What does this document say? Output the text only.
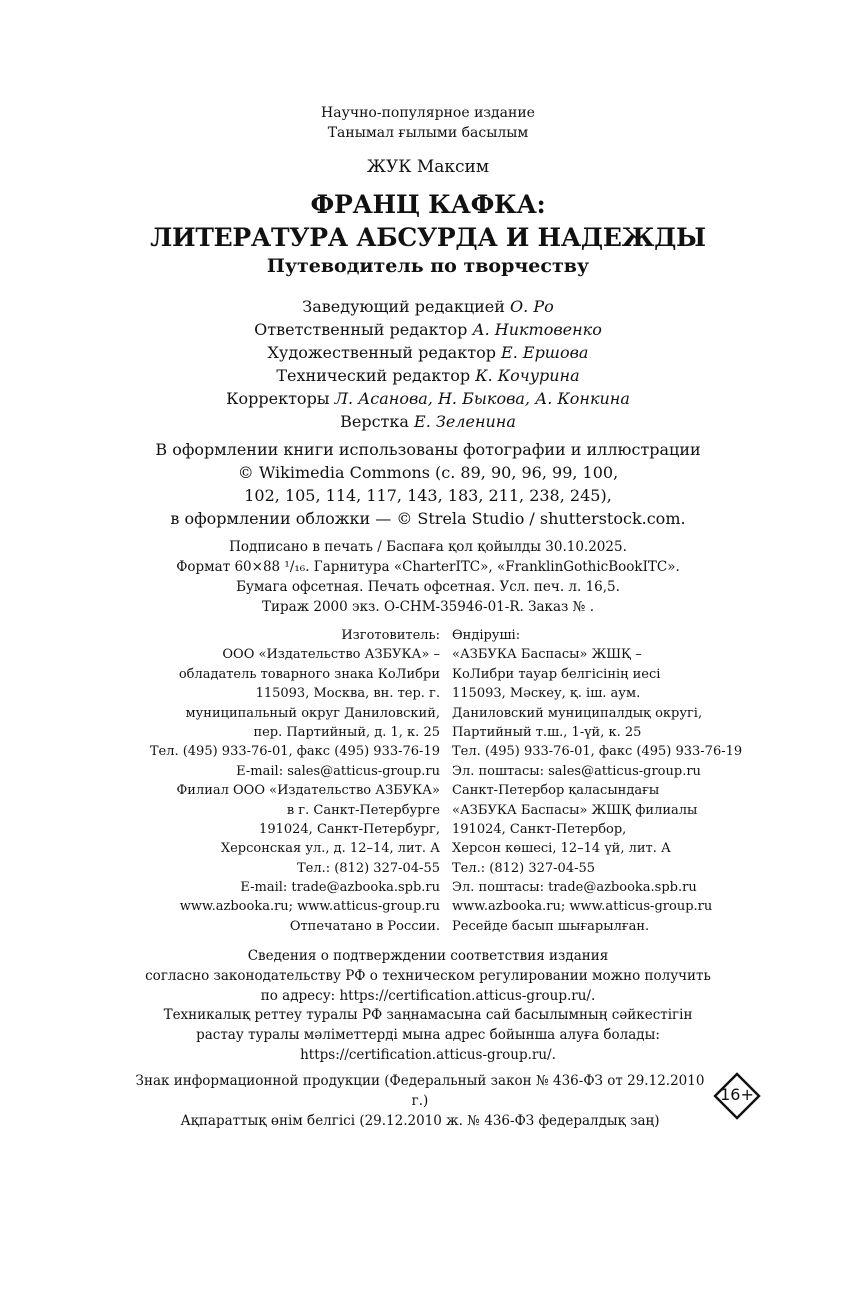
Научно-популярное издание
Танымал ғылыми басылым
ЖУК Максим
ФРАНЦ КАФКА:
ЛИТЕРАТУРА АБСУРДА И НАДЕЖДЫ
Путеводитель по творчеству
Заведующий редакцией О. Ро
Ответственный редактор А. Никтовенко
Художественный редактор Е. Ершова
Технический редактор К. Кочурина
Корректоры Л. Асанова, Н. Быкова, А. Конкина
Верстка Е. Зеленина
В оформлении книги использованы фотографии и иллюстрации
© Wikimedia Commons (с. 89, 90, 96, 99, 100,
102, 105, 114, 117, 143, 183, 211, 238, 245),
в оформлении обложки — © Strela Studio / shutterstock.com.
Подписано в печать / Баспаға қол қойылды 30.10.2025.
Формат 60×88 ¹/₁₆. Гарнитура «CharterITC», «FranklinGothicBookITC».
Бумага офсетная. Печать офсетная. Усл. печ. л. 16,5.
Тираж 2000 экз. О-СНМ-35946-01-R. Заказ № .
Изготовитель:
ООО «Издательство АЗБУКА» –
обладатель товарного знака КоЛибри
115093, Москва, вн. тер. г.
муниципальный округ Даниловский,
пер. Партийный, д. 1, к. 25
Тел. (495) 933-76-01, факс (495) 933-76-19
E-mail: sales@atticus-group.ru
Филиал ООО «Издательство АЗБУКА»
в г. Санкт-Петербурге
191024, Санкт-Петербург,
Херсонская ул., д. 12–14, лит. А
Тел.: (812) 327-04-55
E-mail: trade@azbooka.spb.ru
www.azbooka.ru; www.atticus-group.ru
Отпечатано в России.
Өндіруші:
«АЗБУКА Баспасы» ЖШҚ –
КоЛибри тауар белгісінің иесі
115093, Мәскеу, қ. іш. аум.
Даниловский муниципалдық округі,
Партийный т.ш., 1-үй, к. 25
Тел. (495) 933-76-01, факс (495) 933-76-19
Эл. поштасы: sales@atticus-group.ru
Санкт-Петербор қаласындағы
«АЗБУКА Баспасы» ЖШҚ филиалы
191024, Санкт-Петербор,
Херсон көшесі, 12–14 үй, лит. А
Тел.: (812) 327-04-55
Эл. поштасы: trade@azbooka.spb.ru
www.azbooka.ru; www.atticus-group.ru
Ресейде басып шығарылған.
Сведения о подтверждении соответствия издания
согласно законодательству РФ о техническом регулировании можно получить
по адресу: https://certification.atticus-group.ru/.
Техникалық реттеу туралы РФ заңнамасына сай басылымның сәйкестігін
растау туралы мәліметтерді мына адрес бойынша алуға болады:
https://certification.atticus-group.ru/.
Знак информационной продукции (Федеральный закон № 436-ФЗ от 29.12.2010 г.)
Ақпараттық өнім белгісі (29.12.2010 ж. № 436-ФЗ федералдық заң)
16+
